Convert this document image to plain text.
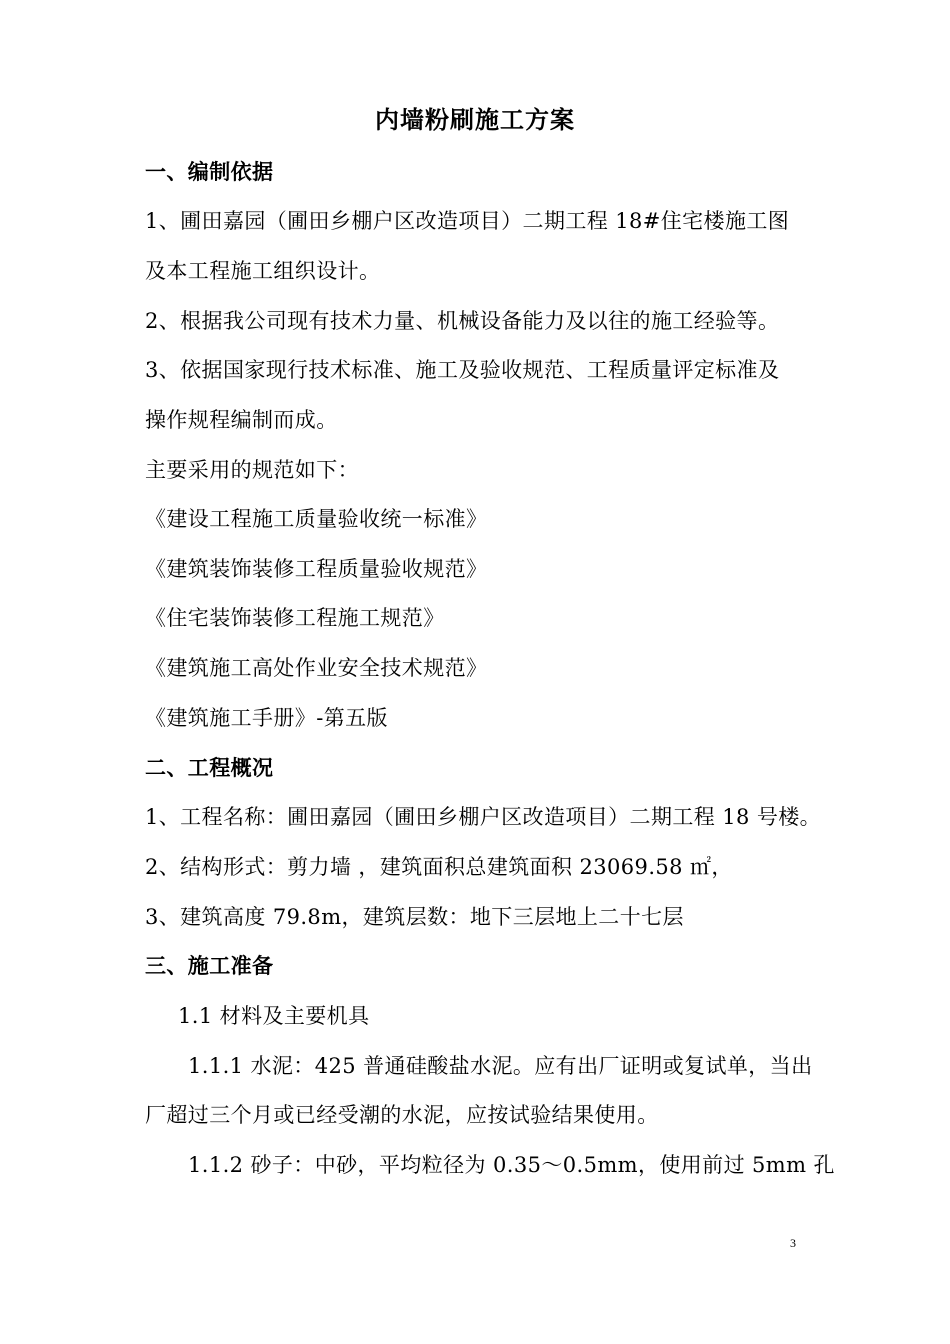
内墙粉刷施工方案
一、编制依据
1、圃田嘉园（圃田乡棚户区改造项目）二期工程 18#住宅楼施工图
及本工程施工组织设计。
2、根据我公司现有技术力量、机械设备能力及以往的施工经验等。
3、依据国家现行技术标准、施工及验收规范、工程质量评定标准及
操作规程编制而成。
主要采用的规范如下：
《建设工程施工质量验收统一标准》
《建筑装饰装修工程质量验收规范》
《住宅装饰装修工程施工规范》
《建筑施工高处作业安全技术规范》
《建筑施工手册》-第五版
二、工程概况
1、工程名称：圃田嘉园（圃田乡棚户区改造项目）二期工程 18 号楼。
2、结构形式：剪力墙 ，建筑面积总建筑面积 23069.58 ㎡，
3、建筑高度 79.8m，建筑层数：地下三层地上二十七层
三、施工准备
1.1 材料及主要机具
1.1.1 水泥：425 普通硅酸盐水泥。应有出厂证明或复试单，当出
厂超过三个月或已经受潮的水泥，应按试验结果使用。
1.1.2 砂子：中砂，平均粒径为 0.35～0.5mm，使用前过 5mm 孔
3
